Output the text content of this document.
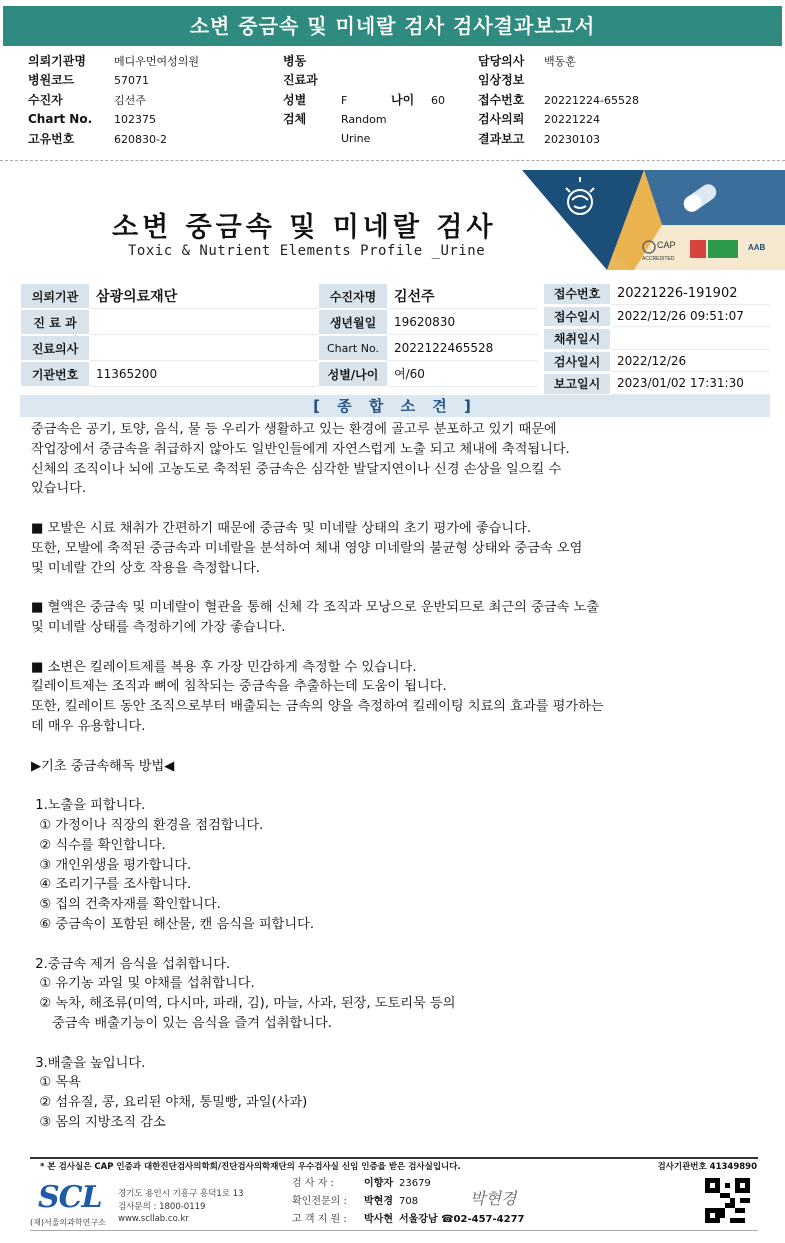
소변 중금속 및 미네랄 검사 검사결과보고서
의뢰기관명	메디우먼여성의원
병원코드	57071
수진자	김선주
Chart No.	102375
고유번호	620830-2
병동
진료과
성별	F	나이	60
검체	Random Urine
담당의사	백동훈
임상정보
접수번호	20221224-65528
검사의뢰	20221224
결과보고	20230103
소변 중금속 및 미네랄 검사
Toxic & Nutrient Elements Profile _Urine	CAP
ACCREDITED
AAB
의뢰기관	삼광의료재단	수진자명	김선주
진 료 과	생년월일	19620830
진료의사	Chart No.	2022122465528
기관번호	11365200	성별/나이	여/60
접수번호	20221226-191902
접수일시	2022/12/26 09:51:07
채취일시
검사일시	2022/12/26
보고일시	2023/01/02 17:31:30
[ 종 합 소 견 ]

중금속은 공기, 토양, 음식, 물 등 우리가 생활하고 있는 환경에 골고루 분포하고 있기 때문에

작업장에서 중금속을 취급하지 않아도 일반인들에게 자연스럽게 노출 되고 체내에 축적됩니다.

신체의 조직이나 뇌에 고농도로 축적된 중금속은 심각한 발달지연이나 신경 손상을 일으킬 수

있습니다.

■ 모발은 시료 채취가 간편하기 때문에 중금속 및 미네랄 상태의 초기 평가에 좋습니다.

또한, 모발에 축적된 중금속과 미네랄을 분석하여 체내 영양 미네랄의 불균형 상태와 중금속 오염

및 미네랄 간의 상호 작용을 측정합니다.

■ 혈액은 중금속 및 미네랄이 혈관을 통해 신체 각 조직과 모낭으로 운반되므로 최근의 중금속 노출

및 미네랄 상태를 측정하기에 가장 좋습니다.

■ 소변은 킬레이트제를 복용 후 가장 민감하게 측정할 수 있습니다.

킬레이트제는 조직과 뼈에 침착되는 중금속을 추출하는데 도움이 됩니다.

또한, 킬레이트 동안 조직으로부터 배출되는 금속의 양을 측정하여 킬레이팅 치료의 효과를 평가하는

데 매우 유용합니다.

▶기초 중금속해독 방법◀

1.노출을 피합니다.

① 가정이나 직장의 환경을 점검합니다.

② 식수를 확인합니다.

③ 개인위생을 평가합니다.

④ 조리기구를 조사합니다.

⑤ 집의 건축자재를 확인합니다.

⑥ 중금속이 포함된 해산물, 캔 음식을 피합니다.

2.중금속 제거 음식을 섭취합니다.

① 유기농 과일 및 야채를 섭취합니다.

② 녹차, 해조류(미역, 다시마, 파래, 김), 마늘, 사과, 된장, 도토리묵 등의

중금속 배출기능이 있는 음식을 즐겨 섭취합니다.

3.배출을 높입니다.

① 목욕

② 섬유질, 콩, 요리된 야채, 통밀빵, 과일(사과)

③ 몸의 지방조직 감소

* 본 검사실은 CAP 인증과 대한진단검사의학회/진단검사의학재단의 우수검사실 신임 인증을 받은 검사실입니다.	검사기관번호 41349890
SCL
(재)서울의과학연구소
경기도 용인시 기흥구 흥덕1로 13
검사문의 : 1800-0119
www.scllab.co.kr
검 사 자 :	이향자 23679
확인전문의 : 박현경 708
고 객 지 원 : 박사현 서울강남 ☎02-457-4277
박현경
